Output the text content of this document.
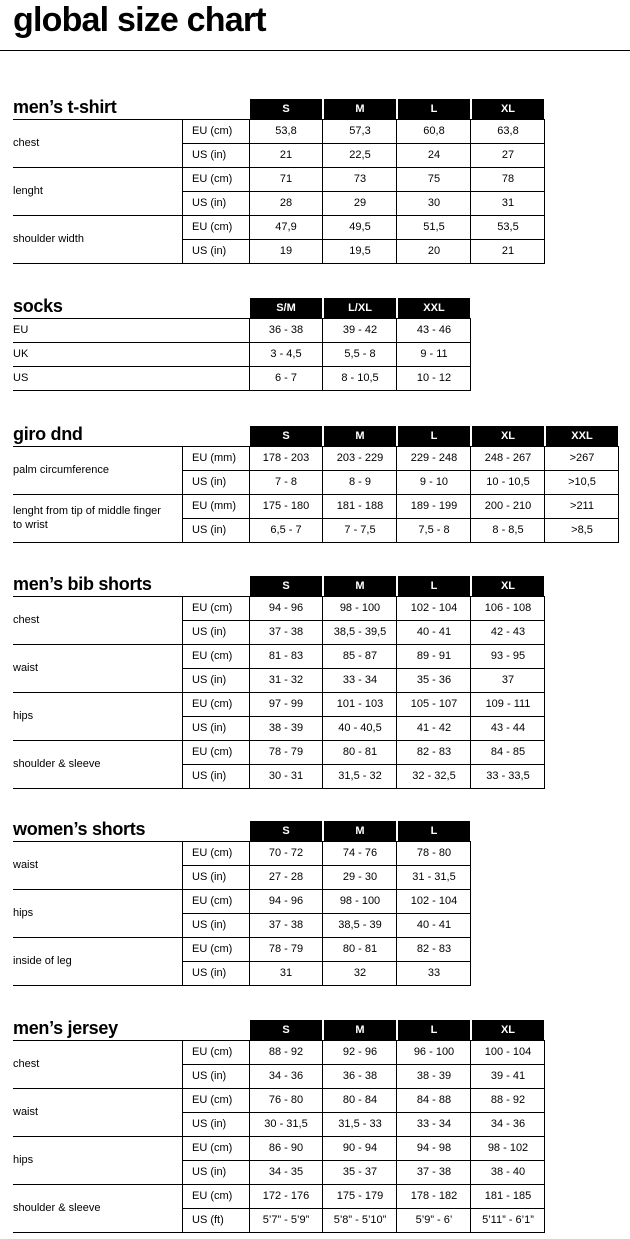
global size chart
men’s t-shirt	S	M	L	XL
chest
EU (cm)	53,8	57,3	60,8	63,8
US (in)	21	22,5	24	27
lenght
EU (cm)	71	73	75	78
US (in)	28	29	30	31
shoulder width
EU (cm)	47,9	49,5	51,5	53,5
US (in)	19	19,5	20	21
socks	S/M	L/XL	XXL
EU	36 - 38	39 - 42	43 - 46
UK	3 - 4,5	5,5 - 8	9 - 11
US	6 - 7	8 - 10,5	10 - 12
giro dnd	S	M	L	XL	XXL
palm circumference
EU (mm)	178 - 203	203 - 229	229 - 248	248 - 267	>267
US (in)	7 - 8	8 - 9	9 - 10	10 - 10,5	>10,5
lenght from tip of middle finger to wrist
EU (mm)	175 - 180	181 - 188	189 - 199	200 - 210	>211
US (in)	6,5 - 7	7 - 7,5	7,5 - 8	8 - 8,5	>8,5
men’s bib shorts	S	M	L	XL
chest
EU (cm)	94 - 96	98 - 100	102 - 104	106 - 108
US (in)	37 - 38	38,5 - 39,5	40 - 41	42 - 43
waist
EU (cm)	81 - 83	85 - 87	89 - 91	93 - 95
US (in)	31 - 32	33 - 34	35 - 36	37
hips
EU (cm)	97 - 99	101 - 103	105 - 107	109 - 111
US (in)	38 - 39	40 - 40,5	41 - 42	43 - 44
shoulder & sleeve
EU (cm)	78 - 79	80 - 81	82 - 83	84 - 85
US (in)	30 - 31	31,5 - 32	32 - 32,5	33 - 33,5
women’s shorts	S	M	L
waist
EU (cm)	70 - 72	74 - 76	78 - 80
US (in)	27 - 28	29 - 30	31 - 31,5
hips
EU (cm)	94 - 96	98 - 100	102 - 104
US (in)	37 - 38	38,5 - 39	40 - 41
inside of leg
EU (cm)	78 - 79	80 - 81	82 - 83
US (in)	31	32	33
men’s jersey	S	M	L	XL
chest
EU (cm)	88 - 92	92 - 96	96 - 100	100 - 104
US (in)	34 - 36	36 - 38	38 - 39	39 - 41
waist
EU (cm)	76 - 80	80 - 84	84 - 88	88 - 92
US (in)	30 - 31,5	31,5 - 33	33 - 34	34 - 36
hips
EU (cm)	86 - 90	90 - 94	94 - 98	98 - 102
US (in)	34 - 35	35 - 37	37 - 38	38 - 40
shoulder & sleeve
EU (cm)	172 - 176	175 - 179	178 - 182	181 - 185
US (ft)	5’7” - 5’9”	5’8” - 5’10”	5’9” - 6’	5’11” - 6’1”
